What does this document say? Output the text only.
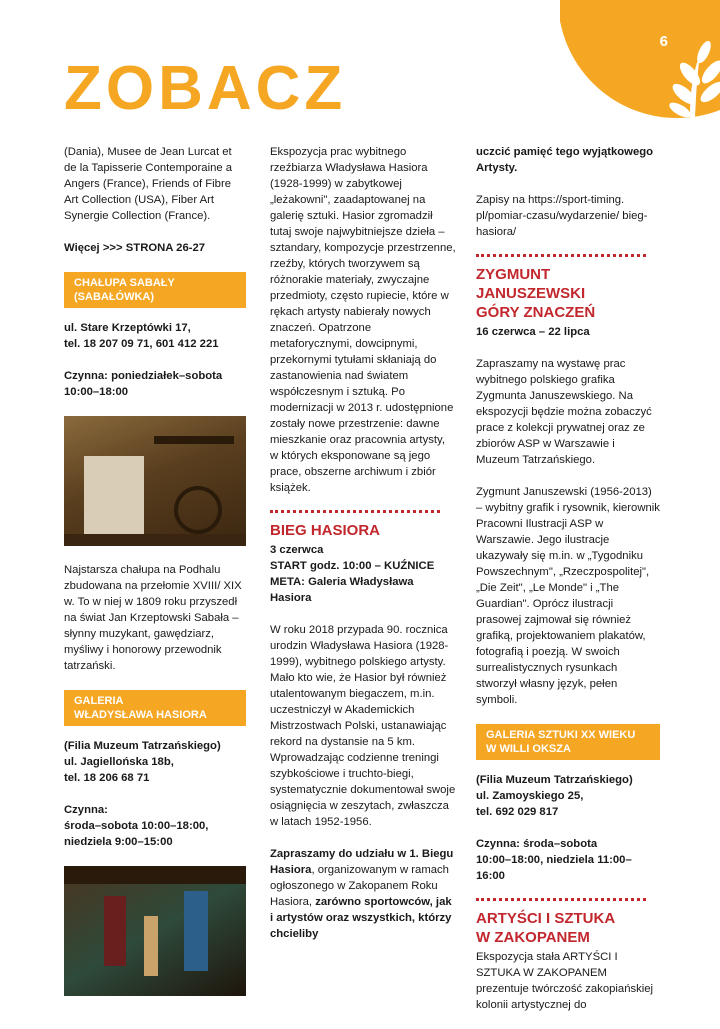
6
ZOBACZ

(Dania), Musee de Jean Lurcat et de la Tapisserie Contemporaine a Angers (France), Friends of Fibre Art Collection (USA), Fiber Art Synergie Collection (France).

Więcej >>> STRONA 26-27

CHAŁUPA SABAŁY
(SABAŁÓWKA)

ul. Stare Krzeptówki 17,
tel. 18 207 09 71, 601 412 221

Czynna: poniedziałek–sobota
10:00–18:00

Najstarsza chałupa na Podhalu zbudowana na przełomie XVIII/ XIX w. To w niej w 1809 roku przyszedł na świat Jan Krzeptowski Sabała – słynny muzykant, gawędziarz, myśliwy i honorowy przewodnik tatrzański.

GALERIA
WŁADYSŁAWA HASIORA

(Filia Muzeum Tatrzańskiego)
ul. Jagiellońska 18b,
tel. 18 206 68 71

Czynna:
środa–sobota 10:00–18:00,
niedziela 9:00–15:00

Ekspozycja prac wybitnego rzeźbiarza Władysława Hasiora (1928-1999) w zabytkowej „leżakowni", zaadaptowanej na galerię sztuki. Hasior zgromadził tutaj swoje najwybitniejsze dzieła – sztandary, kompozycje przestrzenne, rzeźby, których tworzywem są różnorakie materiały, zwyczajne przedmioty, często rupiecie, które w rękach artysty nabierały nowych znaczeń. Opatrzone metaforycznymi, dowcipnymi, przekornymi tytułami skłaniają do zastanowienia nad światem współczesnym i sztuką. Po modernizacji w 2013 r. udostępnione zostały nowe przestrzenie: dawne mieszkanie oraz pracownia artysty, w których eksponowane są jego prace, obszerne archiwum i zbiór książek.

BIEG HASIORA

3 czerwca
START godz. 10:00 – KUŹNICE
META: Galeria Władysława Hasiora

W roku 2018 przypada 90. rocznica urodzin Władysława Hasiora (1928-1999), wybitnego polskiego artysty. Mało kto wie, że Hasior był również utalentowanym biegaczem, m.in. uczestniczył w Akademickich Mistrzostwach Polski, ustanawiając rekord na dystansie na 5 km. Wprowadzając codzienne treningi szybkościowe i truchto-biegi, systematycznie dokumentował swoje osiągnięcia w zeszytach, zwłaszcza w latach 1952-1956.

Zapraszamy do udziału w 1. Biegu Hasiora, organizowanym w ramach ogłoszonego w Zakopanem Roku Hasiora, zarówno sportowców, jak i artystów oraz wszystkich, którzy chcieliby

uczcić pamięć tego wyjątkowego Artysty.

Zapisy na https://sport-timing. pl/pomiar-czasu/wydarzenie/ bieg-hasiora/

ZYGMUNT JANUSZEWSKI
GÓRY ZNACZEŃ

16 czerwca – 22 lipca

Zapraszamy na wystawę prac wybitnego polskiego grafika Zygmunta Januszewskiego. Na ekspozycji będzie można zobaczyć prace z kolekcji prywatnej oraz ze zbiorów ASP w Warszawie i Muzeum Tatrzańskiego.

Zygmunt Januszewski (1956-2013) – wybitny grafik i rysownik, kierownik Pracowni Ilustracji ASP w Warszawie. Jego ilustracje ukazywały się m.in. w „Tygodniku Powszechnym", „Rzeczpospolitej", „Die Zeit", „Le Monde" i „The Guardian". Oprócz ilustracji prasowej zajmował się również grafiką, projektowaniem plakatów, fotografią i poezją. W swoich surrealistycznych rysunkach stworzył własny język, pełen symboli.

GALERIA SZTUKI XX WIEKU
W WILLI OKSZA

(Filia Muzeum Tatrzańskiego)
ul. Zamoyskiego 25,
tel. 692 029 817

Czynna: środa–sobota
10:00–18:00, niedziela 11:00–16:00

ARTYŚCI I SZTUKA
W ZAKOPANEM

Ekspozycja stała ARTYŚCI I SZTUKA W ZAKOPANEM prezentuje twórczość zakopiańskiej kolonii artystycznej do
